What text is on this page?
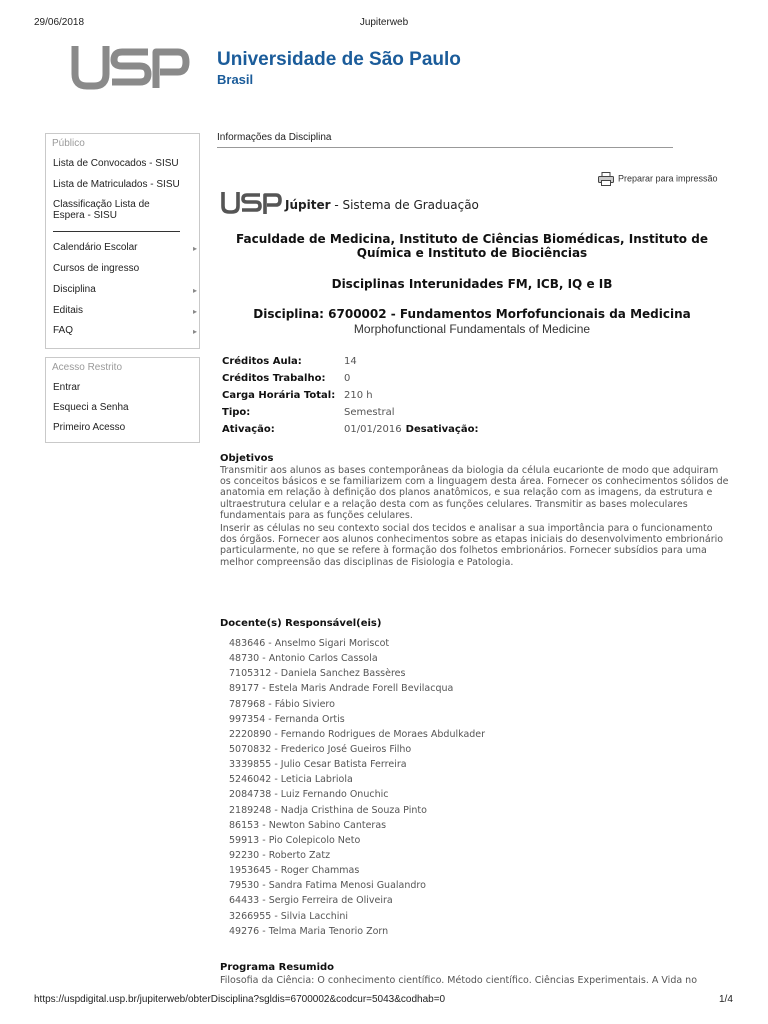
29/06/2018	Jupiterweb
Universidade de São Paulo
Brasil
Público
Lista de Convocados - SISU
Lista de Matriculados - SISU
Classificação Lista de Espera - SISU
Calendário Escolar	▸
Cursos de ingresso
Disciplina	▸
Editais	▸
FAQ	▸
Acesso Restrito
Entrar
Esqueci a Senha
Primeiro Acesso
Informações da Disciplina
Preparar para impressão
Júpiter - Sistema de Graduação
Faculdade de Medicina, Instituto de Ciências Biomédicas, Instituto de Química e Instituto de Biociências
Disciplinas Interunidades FM, ICB, IQ e IB
Disciplina: 6700002 - Fundamentos Morfofuncionais da Medicina
Morphofunctional Fundamentals of Medicine
Créditos Aula:	14		
Créditos Trabalho:	0		
Carga Horária Total:	210 h		
Tipo:	Semestral		
Ativação:	01/01/2016	Desativação:	
Objetivos
Transmitir aos alunos as bases contemporâneas da biologia da célula eucarionte de modo que adquiram os conceitos básicos e se familiarizem com a linguagem desta área. Fornecer os conhecimentos sólidos de anatomia em relação à definição dos planos anatômicos, e sua relação com as imagens, da estrutura e ultraestrutura celular e a relação desta com as funções celulares. Transmitir as bases moleculares fundamentais para as funções celulares.
Inserir as células no seu contexto social dos tecidos e analisar a sua importância para o funcionamento dos órgãos. Fornecer aos alunos conhecimentos sobre as etapas iniciais do desenvolvimento embrionário particularmente, no que se refere à formação dos folhetos embrionários. Fornecer subsídios para uma melhor compreensão das disciplinas de Fisiologia e Patologia.
Docente(s) Responsável(eis)
483646 - Anselmo Sigari Moriscot
48730 - Antonio Carlos Cassola
7105312 - Daniela Sanchez Bassères
89177 - Estela Maris Andrade Forell Bevilacqua
787968 - Fábio Siviero
997354 - Fernanda Ortis
2220890 - Fernando Rodrigues de Moraes Abdulkader
5070832 - Frederico José Gueiros Filho
3339855 - Julio Cesar Batista Ferreira
5246042 - Leticia Labriola
2084738 - Luiz Fernando Onuchic
2189248 - Nadja Cristhina de Souza Pinto
86153 - Newton Sabino Canteras
59913 - Pio Colepicolo Neto
92230 - Roberto Zatz
1953645 - Roger Chammas
79530 - Sandra Fatima Menosi Gualandro
64433 - Sergio Ferreira de Oliveira
3266955 - Silvia Lacchini
49276 - Telma Maria Tenorio Zorn
Programa Resumido
Filosofia da Ciência: O conhecimento científico. Método científico. Ciências Experimentais. A Vida no
https://uspdigital.usp.br/jupiterweb/obterDisciplina?sgldis=6700002&codcur=5043&codhab=0	1/4
